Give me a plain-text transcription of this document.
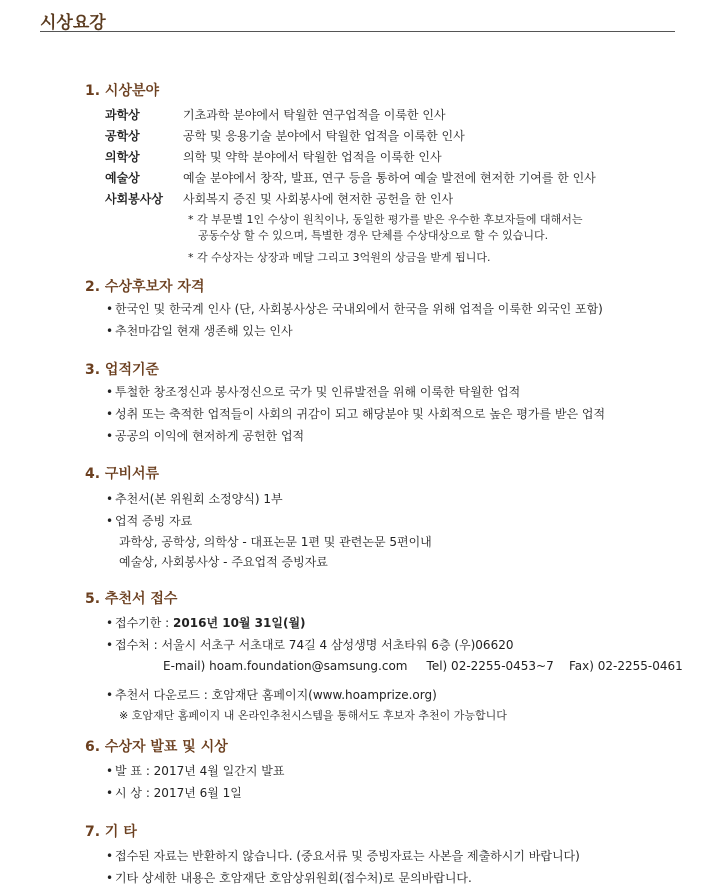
시상요강
1. 시상분야
과학상	기초과학 분야에서 탁월한 연구업적을 이룩한 인사
공학상	공학 및 응용기술 분야에서 탁월한 업적을 이룩한 인사
의학상	의학 및 약학 분야에서 탁월한 업적을 이룩한 인사
예술상	예술 분야에서 창작, 발표, 연구 등을 통하여 예술 발전에 현저한 기여를 한 인사
사회봉사상	사회복지 증진 및 사회봉사에 현저한 공헌을 한 인사
* 각 부문별 1인 수상이 원칙이나, 동일한 평가를 받은 우수한 후보자들에 대해서는
공동수상 할 수 있으며, 특별한 경우 단체를 수상대상으로 할 수 있습니다.
* 각 수상자는 상장과 메달 그리고 3억원의 상금을 받게 됩니다.
2. 수상후보자 자격
• 한국인 및 한국계 인사 (단, 사회봉사상은 국내외에서 한국을 위해 업적을 이룩한 외국인 포함)
• 추천마감일 현재 생존해 있는 인사
3. 업적기준
• 투철한 창조정신과 봉사정신으로 국가 및 인류발전을 위해 이룩한 탁월한 업적
• 성취 또는 축적한 업적들이 사회의 귀감이 되고 해당분야 및 사회적으로 높은 평가를 받은 업적
• 공공의 이익에 현저하게 공헌한 업적
4. 구비서류
• 추천서(본 위원회 소정양식) 1부
• 업적 증빙 자료
과학상, 공학상, 의학상 - 대표논문 1편 및 관련논문 5편이내
예술상, 사회봉사상 - 주요업적 증빙자료
5. 추천서 접수
• 접수기한 : 2016년 10월 31일(월)
• 접수처 : 서울시 서초구 서초대로 74길 4 삼성생명 서초타워 6층 (우)06620
E-mail) hoam.foundation@samsung.com     Tel) 02-2255-0453~7    Fax) 02-2255-0461
• 추천서 다운로드 : 호암재단 홈페이지(www.hoamprize.org)
※ 호암재단 홈페이지 내 온라인추천시스템을 통해서도 후보자 추천이 가능합니다
6. 수상자 발표 및 시상
• 발 표 : 2017년 4월 일간지 발표
• 시 상 : 2017년 6월 1일
7. 기 타
• 접수된 자료는 반환하지 않습니다. (중요서류 및 증빙자료는 사본을 제출하시기 바랍니다)
• 기타 상세한 내용은 호암재단 호암상위원회(접수처)로 문의바랍니다.
